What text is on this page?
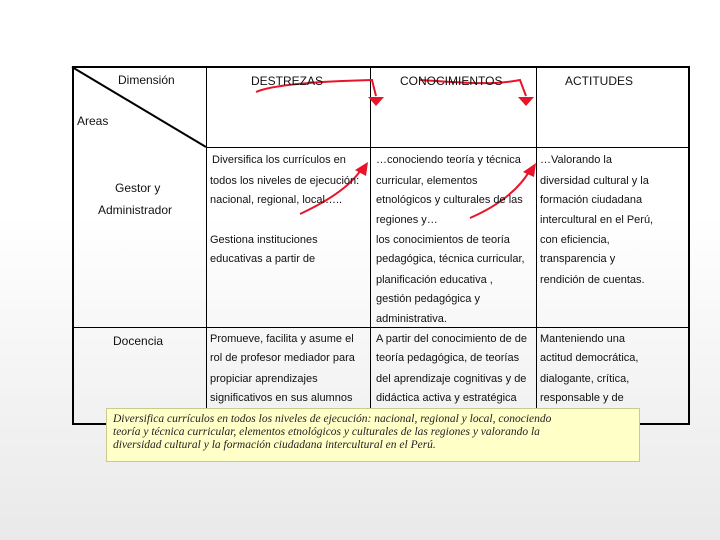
Dimensión
Areas
DESTREZAS	CONOCIMIENTOS	ACTITUDES
Gestor y
Administrador
Docencia
Diversifica los currículos en
todos los niveles de ejecución:
nacional, regional, local…..
Gestiona instituciones
educativas a partir de
…conociendo teoría y técnica
curricular, elementos
etnológicos y culturales de las
regiones y…
los conocimientos de teoría
pedagógica, técnica curricular,
planificación educativa ,
gestión pedagógica y
administrativa.
…Valorando la
diversidad cultural y la
formación ciudadana
intercultural en el Perú,
con eficiencia,
transparencia y
rendición de cuentas.
Promueve, facilita y asume el
rol de profesor mediador para
propiciar aprendizajes
significativos en sus alumnos
A partir del conocimiento de de
teoría pedagógica, de teorías
del aprendizaje cognitivas y de
didáctica activa y estratégica
Manteniendo una
actitud democrática,
dialogante, crítica,
responsable y de
Diversifica currículos en todos los niveles de ejecución: nacional, regional y local, conociendo
teoría y técnica curricular, elementos etnológicos y culturales de las regiones y valorando la
diversidad cultural y la formación ciudadana intercultural en el Perú.
